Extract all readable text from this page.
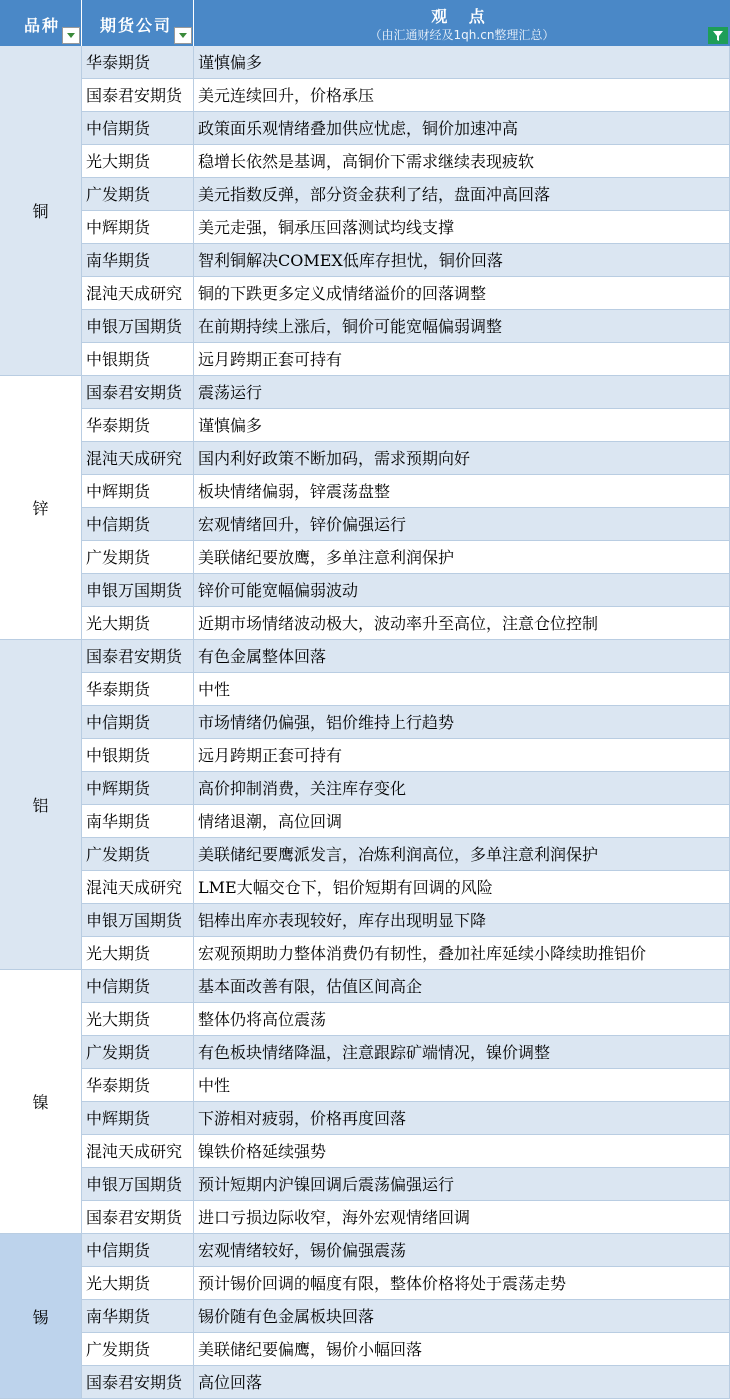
品种 期货公司	观 点
（由汇通财经及1qh.cn整理汇总）
铜
华泰期货	谨慎偏多
国泰君安期货 美元连续回升，价格承压
中信期货	政策面乐观情绪叠加供应忧虑，铜价加速冲高
光大期货	稳增长依然是基调，高铜价下需求继续表现疲软
广发期货	美元指数反弹，部分资金获利了结，盘面冲高回落
中辉期货	美元走强，铜承压回落测试均线支撑
南华期货	智利铜解决COMEX低库存担忧，铜价回落
混沌天成研究 铜的下跌更多定义成情绪溢价的回落调整
申银万国期货 在前期持续上涨后，铜价可能宽幅偏弱调整
中银期货	远月跨期正套可持有
锌
国泰君安期货 震荡运行
华泰期货	谨慎偏多
混沌天成研究 国内利好政策不断加码，需求预期向好
中辉期货	板块情绪偏弱，锌震荡盘整
中信期货	宏观情绪回升，锌价偏强运行
广发期货	美联储纪要放鹰，多单注意利润保护
申银万国期货 锌价可能宽幅偏弱波动
光大期货	近期市场情绪波动极大，波动率升至高位，注意仓位控制
铝
国泰君安期货 有色金属整体回落
华泰期货	中性
中信期货	市场情绪仍偏强，铝价维持上行趋势
中银期货	远月跨期正套可持有
中辉期货	高价抑制消费，关注库存变化
南华期货	情绪退潮，高位回调
广发期货	美联储纪要鹰派发言，冶炼利润高位，多单注意利润保护
混沌天成研究 LME大幅交仓下，铝价短期有回调的风险
申银万国期货 铝棒出库亦表现较好，库存出现明显下降
光大期货	宏观预期助力整体消费仍有韧性，叠加社库延续小降续助推铝价
镍
中信期货	基本面改善有限，估值区间高企
光大期货	整体仍将高位震荡
广发期货	有色板块情绪降温，注意跟踪矿端情况，镍价调整
华泰期货	中性
中辉期货	下游相对疲弱，价格再度回落
混沌天成研究 镍铁价格延续强势
申银万国期货 预计短期内沪镍回调后震荡偏强运行
国泰君安期货 进口亏损边际收窄，海外宏观情绪回调
锡
中信期货	宏观情绪较好，锡价偏强震荡
光大期货	预计锡价回调的幅度有限，整体价格将处于震荡走势
南华期货	锡价随有色金属板块回落
广发期货	美联储纪要偏鹰，锡价小幅回落
国泰君安期货 高位回落
